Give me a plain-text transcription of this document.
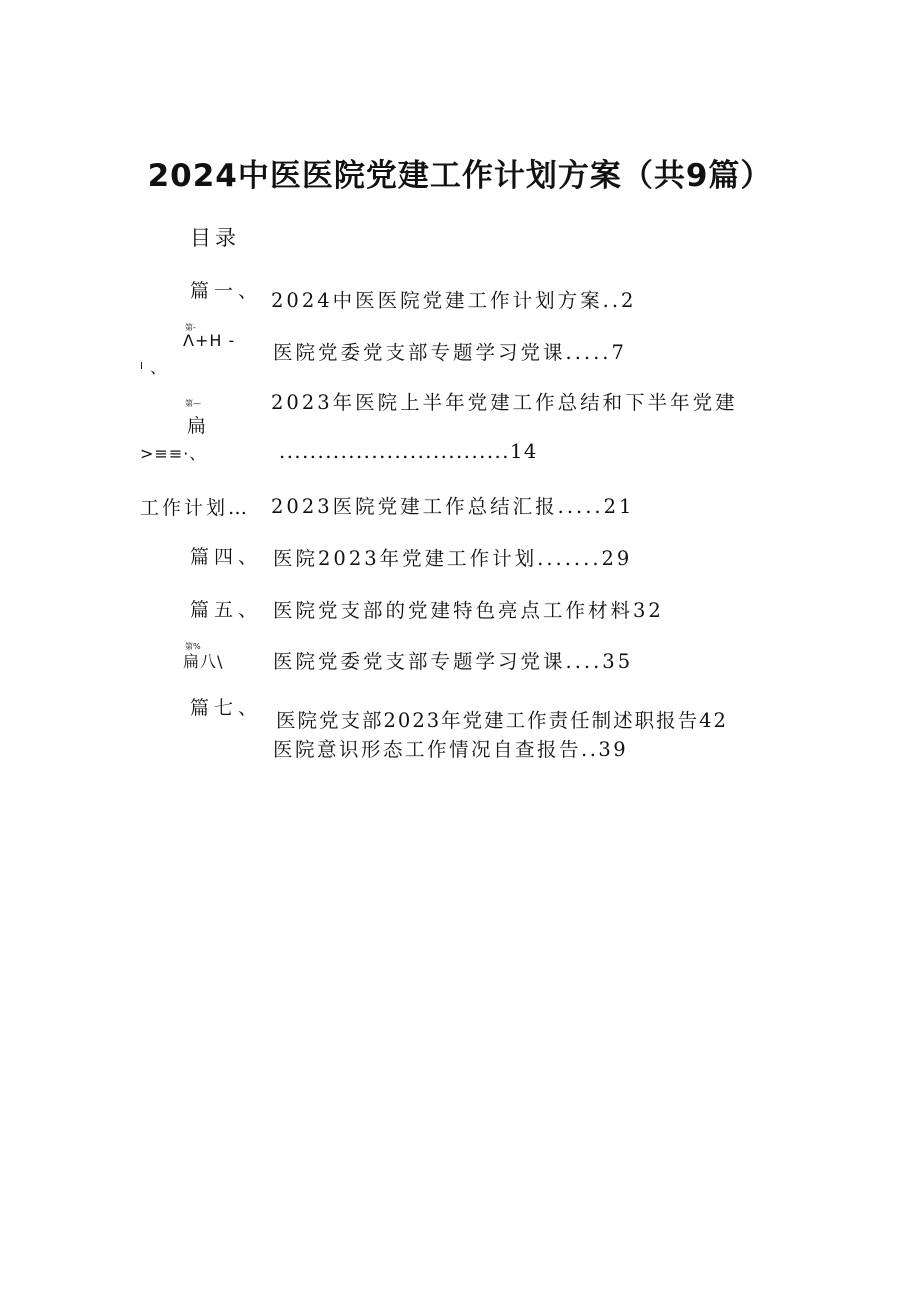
2024中医医院党建工作计划方案（共9篇）
目录
篇一、
第-
Λ+H -
I 、
第—
扁
>≡≡·、
工作计划…
篇四、
篇五、
第%
扁八\
篇七、
2024中医医院党建工作计划方案..2
医院党委党支部专题学习党课.....7
2023年医院上半年党建工作总结和下半年党建
..............................14
2023医院党建工作总结汇报.....21
医院2023年党建工作计划.......29
医院党支部的党建特色亮点工作材料32
医院党委党支部专题学习党课....35
医院党支部2023年党建工作责任制述职报告42
医院意识形态工作情况自查报告..39
